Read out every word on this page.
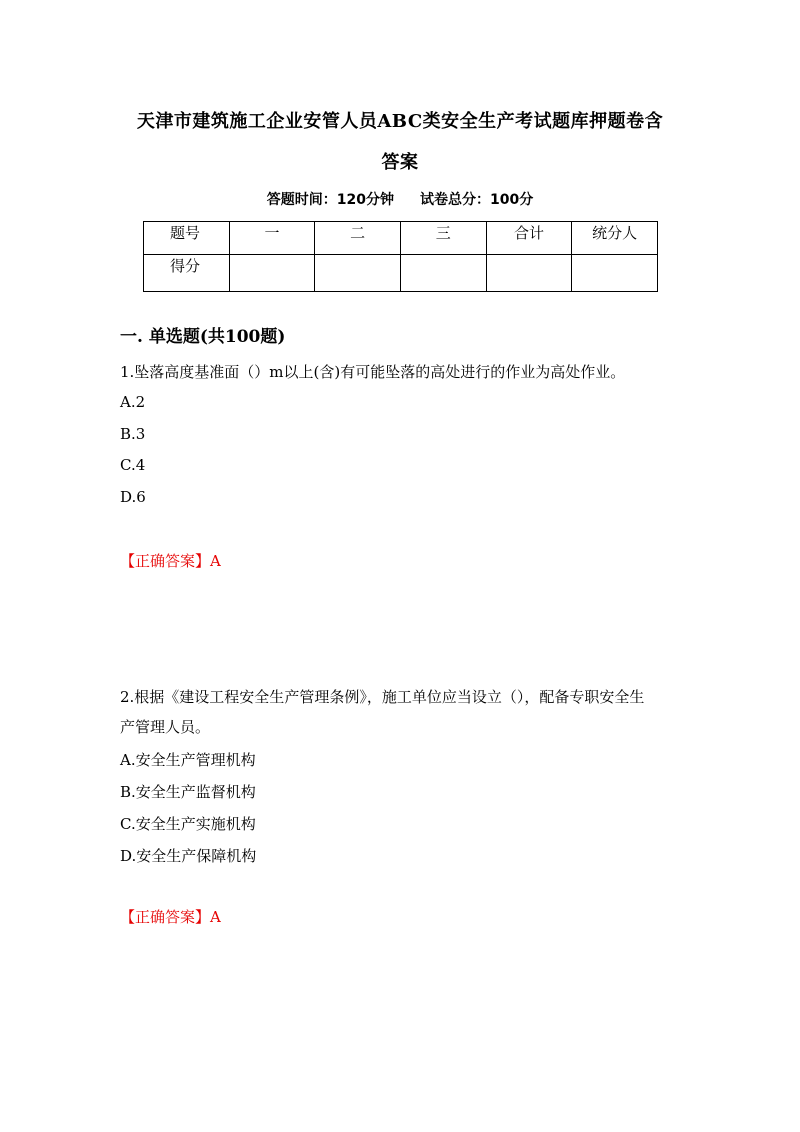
天津市建筑施工企业安管人员ABC类安全生产考试题库押题卷含
答案
答题时间：120分钟 试卷总分：100分
题号	一	二	三	合计	统分人
得分					
一. 单选题(共100题)
1.坠落高度基准面（）m以上(含)有可能坠落的高处进行的作业为高处作业。
A.2
B.3
C.4
D.6
【正确答案】A
2.根据《建设工程安全生产管理条例》，施工单位应当设立（），配备专职安全生
产管理人员。
A.安全生产管理机构
B.安全生产监督机构
C.安全生产实施机构
D.安全生产保障机构
【正确答案】A
